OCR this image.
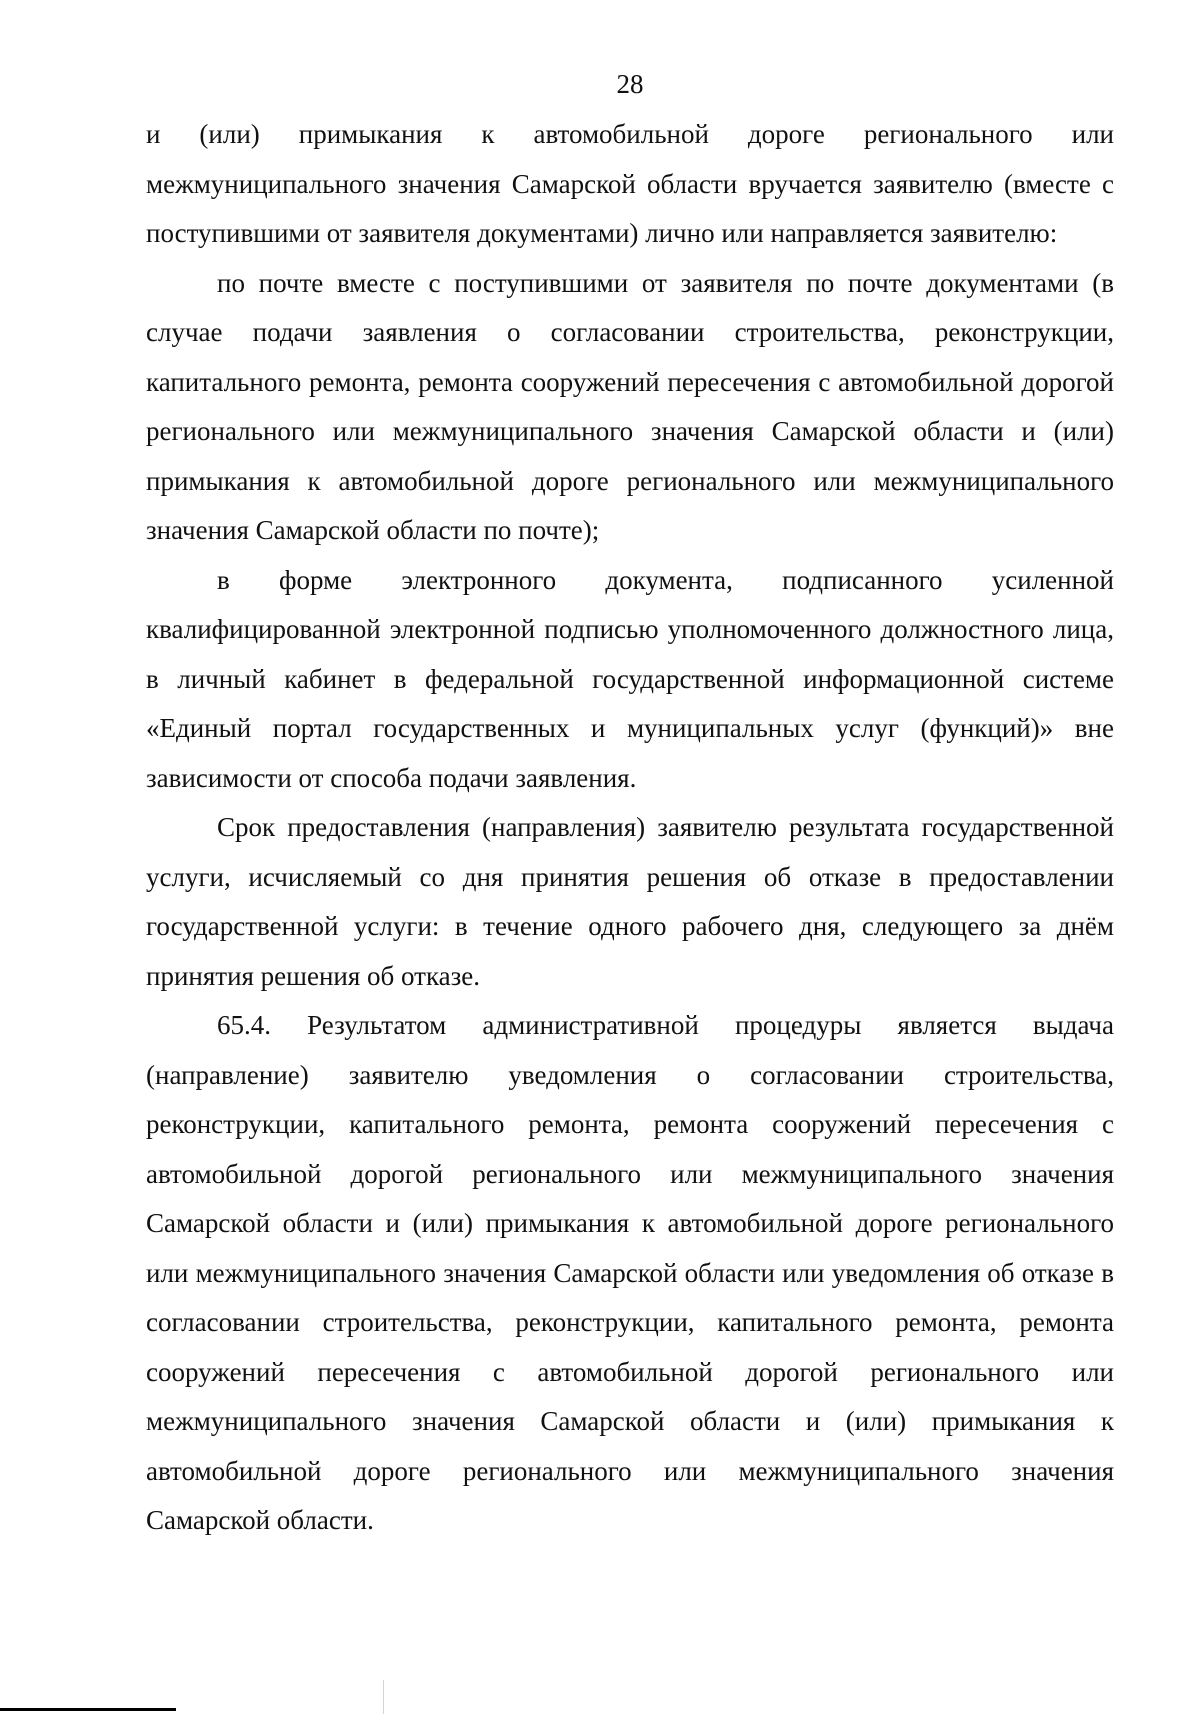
28

и (или) примыкания к автомобильной дороге регионального или межмуниципального значения Самарской области вручается заявителю (вместе с поступившими от заявителя документами) лично или направляется заявителю:

по почте вместе с поступившими от заявителя по почте документами (в случае подачи заявления о согласовании строительства, реконструкции, капитального ремонта, ремонта сооружений пересечения с автомобильной дорогой регионального или межмуниципального значения Самарской области и (или) примыкания к автомобильной дороге регионального или межмуниципального значения Самарской области по почте);

в форме электронного документа, подписанного усиленной квалифицированной электронной подписью уполномоченного должностного лица, в личный кабинет в федеральной государственной информационной системе «Единый портал государственных и муниципальных услуг (функций)» вне зависимости от способа подачи заявления.

Срок предоставления (направления) заявителю результата государственной услуги, исчисляемый со дня принятия решения об отказе в предоставлении государственной услуги: в течение одного рабочего дня, следующего за днём принятия решения об отказе.

65.4. Результатом административной процедуры является выдача (направление) заявителю уведомления о согласовании строительства, реконструкции, капитального ремонта, ремонта сооружений пересечения с автомобильной дорогой регионального или межмуниципального значения Самарской области и (или) примыкания к автомобильной дороге регионального или межмуниципального значения Самарской области или уведомления об отказе в согласовании строительства, реконструкции, капитального ремонта, ремонта сооружений пересечения с автомобильной дорогой регионального или межмуниципального значения Самарской области и (или) примыкания к автомобильной дороге регионального или межмуниципального значения Самарской области.
